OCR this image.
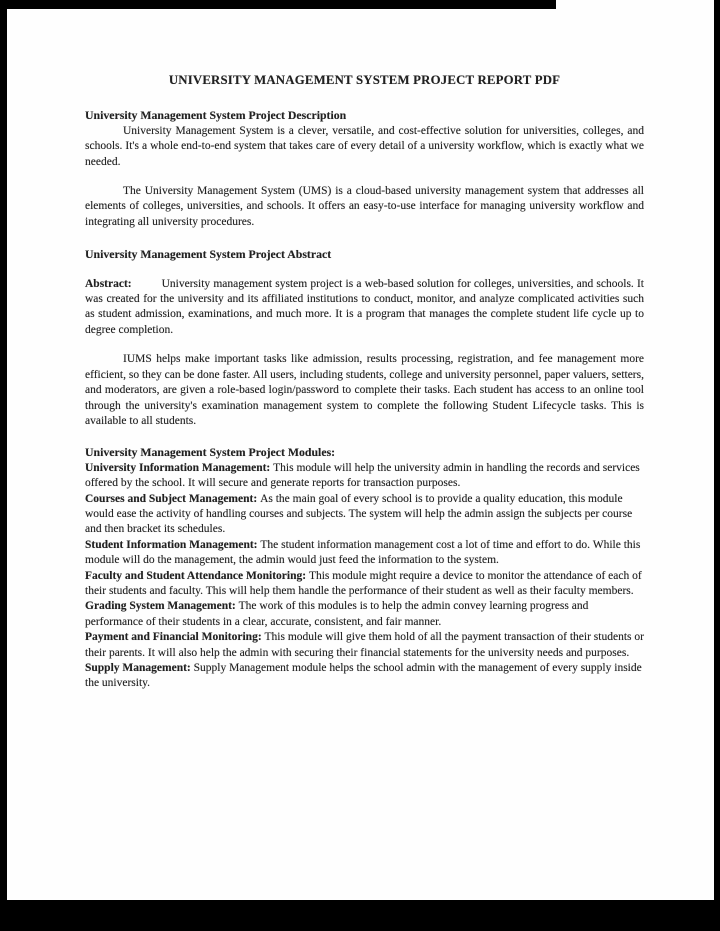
UNIVERSITY MANAGEMENT SYSTEM PROJECT REPORT PDF
University Management System Project Description

University Management System is a clever, versatile, and cost-effective solution for universities, colleges, and schools. It's a whole end-to-end system that takes care of every detail of a university workflow, which is exactly what we needed.

The University Management System (UMS) is a cloud-based university management system that addresses all elements of colleges, universities, and schools. It offers an easy-to-use interface for managing university workflow and integrating all university procedures.

University Management System Project Abstract

Abstract:	University management system project is a web-based solution for colleges, universities, and schools. It was created for the university and its affiliated institutions to conduct, monitor, and analyze complicated activities such as student admission, examinations, and much more. It is a program that manages the complete student life cycle up to degree completion.

IUMS helps make important tasks like admission, results processing, registration, and fee management more efficient, so they can be done faster. All users, including students, college and university personnel, paper valuers, setters, and moderators, are given a role-based login/password to complete their tasks. Each student has access to an online tool through the university's examination management system to complete the following Student Lifecycle tasks. This is available to all students.

University Management System Project Modules:

University Information Management: This module will help the university admin in handling the records and services offered by the school. It will secure and generate reports for transaction purposes.

Courses and Subject Management: As the main goal of every school is to provide a quality education, this module would ease the activity of handling courses and subjects. The system will help the admin assign the subjects per course and then bracket its schedules.

Student Information Management: The student information management cost a lot of time and effort to do. While this module will do the management, the admin would just feed the information to the system.

Faculty and Student Attendance Monitoring: This module might require a device to monitor the attendance of each of their students and faculty. This will help them handle the performance of their student as well as their faculty members.

Grading System Management: The work of this modules is to help the admin convey learning progress and performance of their students in a clear, accurate, consistent, and fair manner.

Payment and Financial Monitoring: This module will give them hold of all the payment transaction of their students or their parents. It will also help the admin with securing their financial statements for the university needs and purposes.

Supply Management: Supply Management module helps the school admin with the management of every supply inside the university.
